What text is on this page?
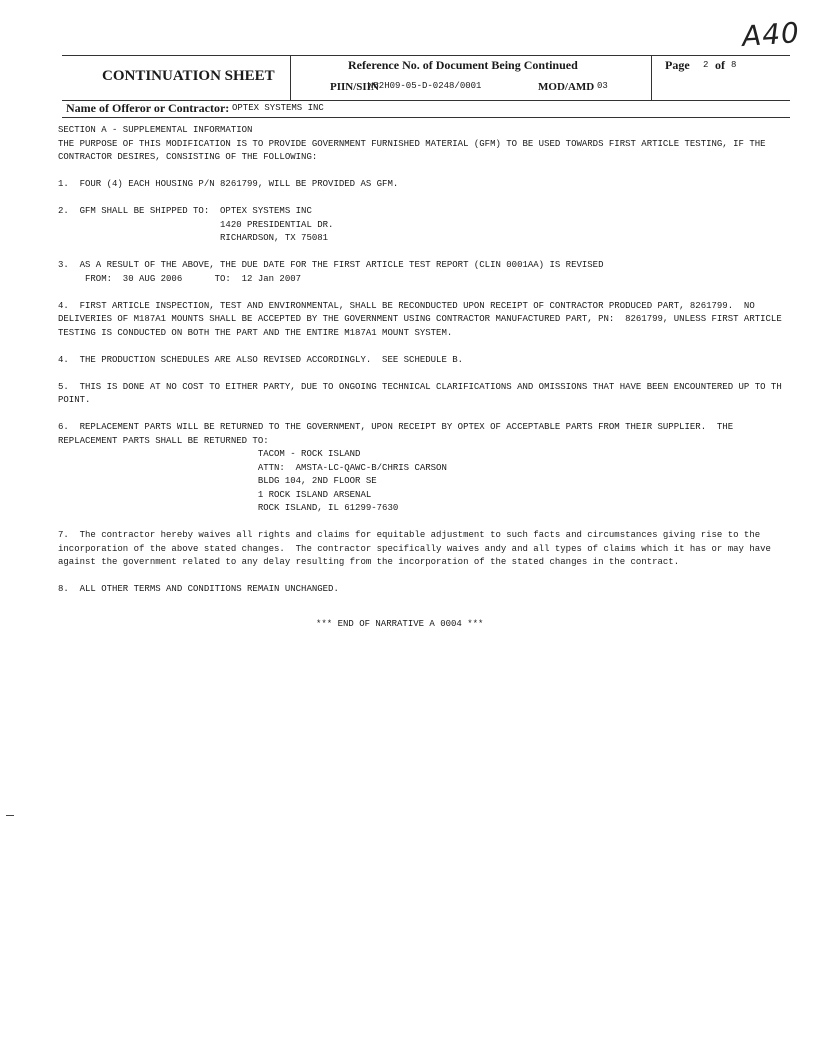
A40
CONTINUATION SHEET
Reference No. of Document Being Continued
PIIN/SIIN
W52H09-05-D-0248/0001	MOD/AMD 03
Page 2 of 8
Name of Offeror or Contractor: OPTEX SYSTEMS INC

SECTION A - SUPPLEMENTAL INFORMATION

THE PURPOSE OF THIS MODIFICATION IS TO PROVIDE GOVERNMENT FURNISHED MATERIAL (GFM) TO BE USED TOWARDS FIRST ARTICLE TESTING, IF THE

CONTRACTOR DESIRES, CONSISTING OF THE FOLLOWING:

1.  FOUR (4) EACH HOUSING P/N 8261799, WILL BE PROVIDED AS GFM.

2.  GFM SHALL BE SHIPPED TO:  OPTEX SYSTEMS INC

1420 PRESIDENTIAL DR.

RICHARDSON, TX 75081

3.  AS A RESULT OF THE ABOVE, THE DUE DATE FOR THE FIRST ARTICLE TEST REPORT (CLIN 0001AA) IS REVISED

FROM:  30 AUG 2006      TO:  12 Jan 2007

4.  FIRST ARTICLE INSPECTION, TEST AND ENVIRONMENTAL, SHALL BE RECONDUCTED UPON RECEIPT OF CONTRACTOR PRODUCED PART, 8261799.  NO

DELIVERIES OF M187A1 MOUNTS SHALL BE ACCEPTED BY THE GOVERNMENT USING CONTRACTOR MANUFACTURED PART, PN:  8261799, UNLESS FIRST ARTICLE

TESTING IS CONDUCTED ON BOTH THE PART AND THE ENTIRE M187A1 MOUNT SYSTEM.

4.  THE PRODUCTION SCHEDULES ARE ALSO REVISED ACCORDINGLY.  SEE SCHEDULE B.

5.  THIS IS DONE AT NO COST TO EITHER PARTY, DUE TO ONGOING TECHNICAL CLARIFICATIONS AND OMISSIONS THAT HAVE BEEN ENCOUNTERED UP TO TH

POINT.

6.  REPLACEMENT PARTS WILL BE RETURNED TO THE GOVERNMENT, UPON RECEIPT BY OPTEX OF ACCEPTABLE PARTS FROM THEIR SUPPLIER.  THE

REPLACEMENT PARTS SHALL BE RETURNED TO:

TACOM - ROCK ISLAND

ATTN:  AMSTA-LC-QAWC-B/CHRIS CARSON

BLDG 104, 2ND FLOOR SE

1 ROCK ISLAND ARSENAL

ROCK ISLAND, IL 61299-7630

7.  The contractor hereby waives all rights and claims for equitable adjustment to such facts and circumstances giving rise to the

incorporation of the above stated changes.  The contractor specifically waives andy and all types of claims which it has or may have

against the government related to any delay resulting from the incorporation of the stated changes in the contract.

8.  ALL OTHER TERMS AND CONDITIONS REMAIN UNCHANGED.

*** END OF NARRATIVE A 0004 ***
